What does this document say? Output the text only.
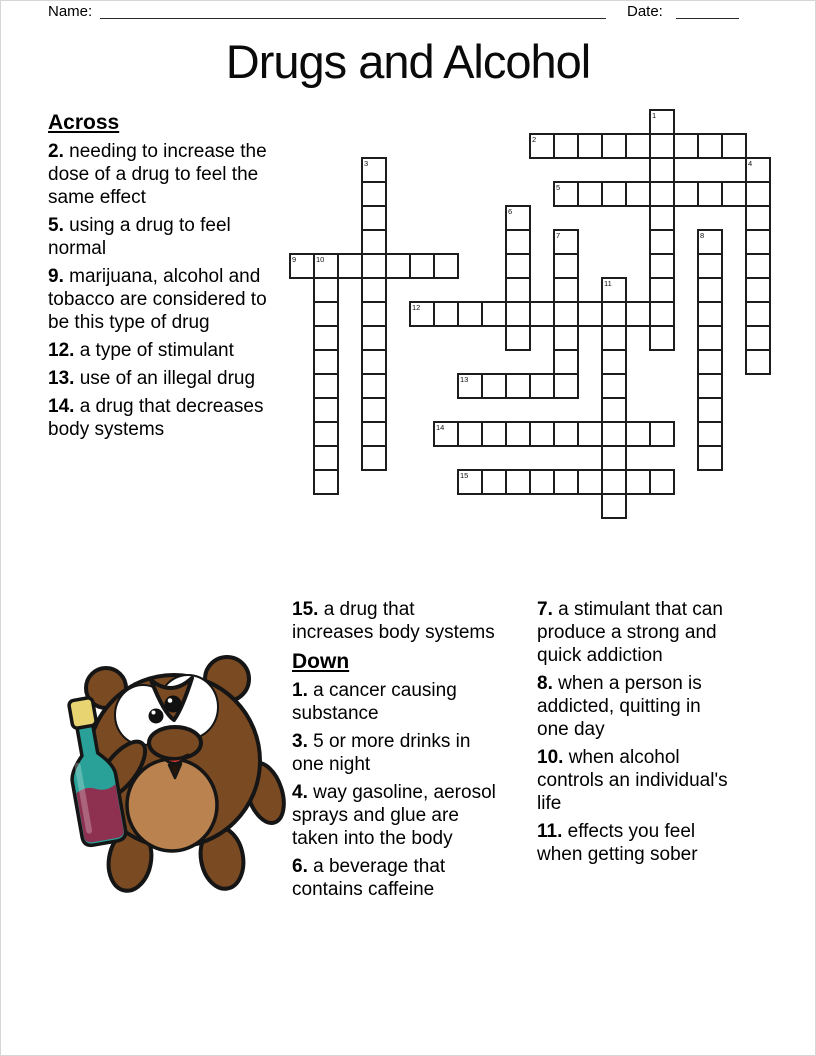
Name:	Date:
Drugs and Alcohol
Across

2. needing to increase the dose of a drug to feel the same effect

5. using a drug to feel normal

9. marijuana, alcohol and tobacco are considered to be this type of drug

12. a type of stimulant

13. use of an illegal drug

14. a drug that decreases body systems

1
2
3	4
5
6
7	8
9	10
11
12
13
14
15

15. a drug that increases body systems

Down

1. a cancer causing substance

3. 5 or more drinks in one night

4. way gasoline, aerosol sprays and glue are taken into the body

6. a beverage that contains caffeine

7. a stimulant that can produce a strong and quick addiction

8. when a person is addicted, quitting in one day

10. when alcohol controls an individual's life

11. effects you feel when getting sober
